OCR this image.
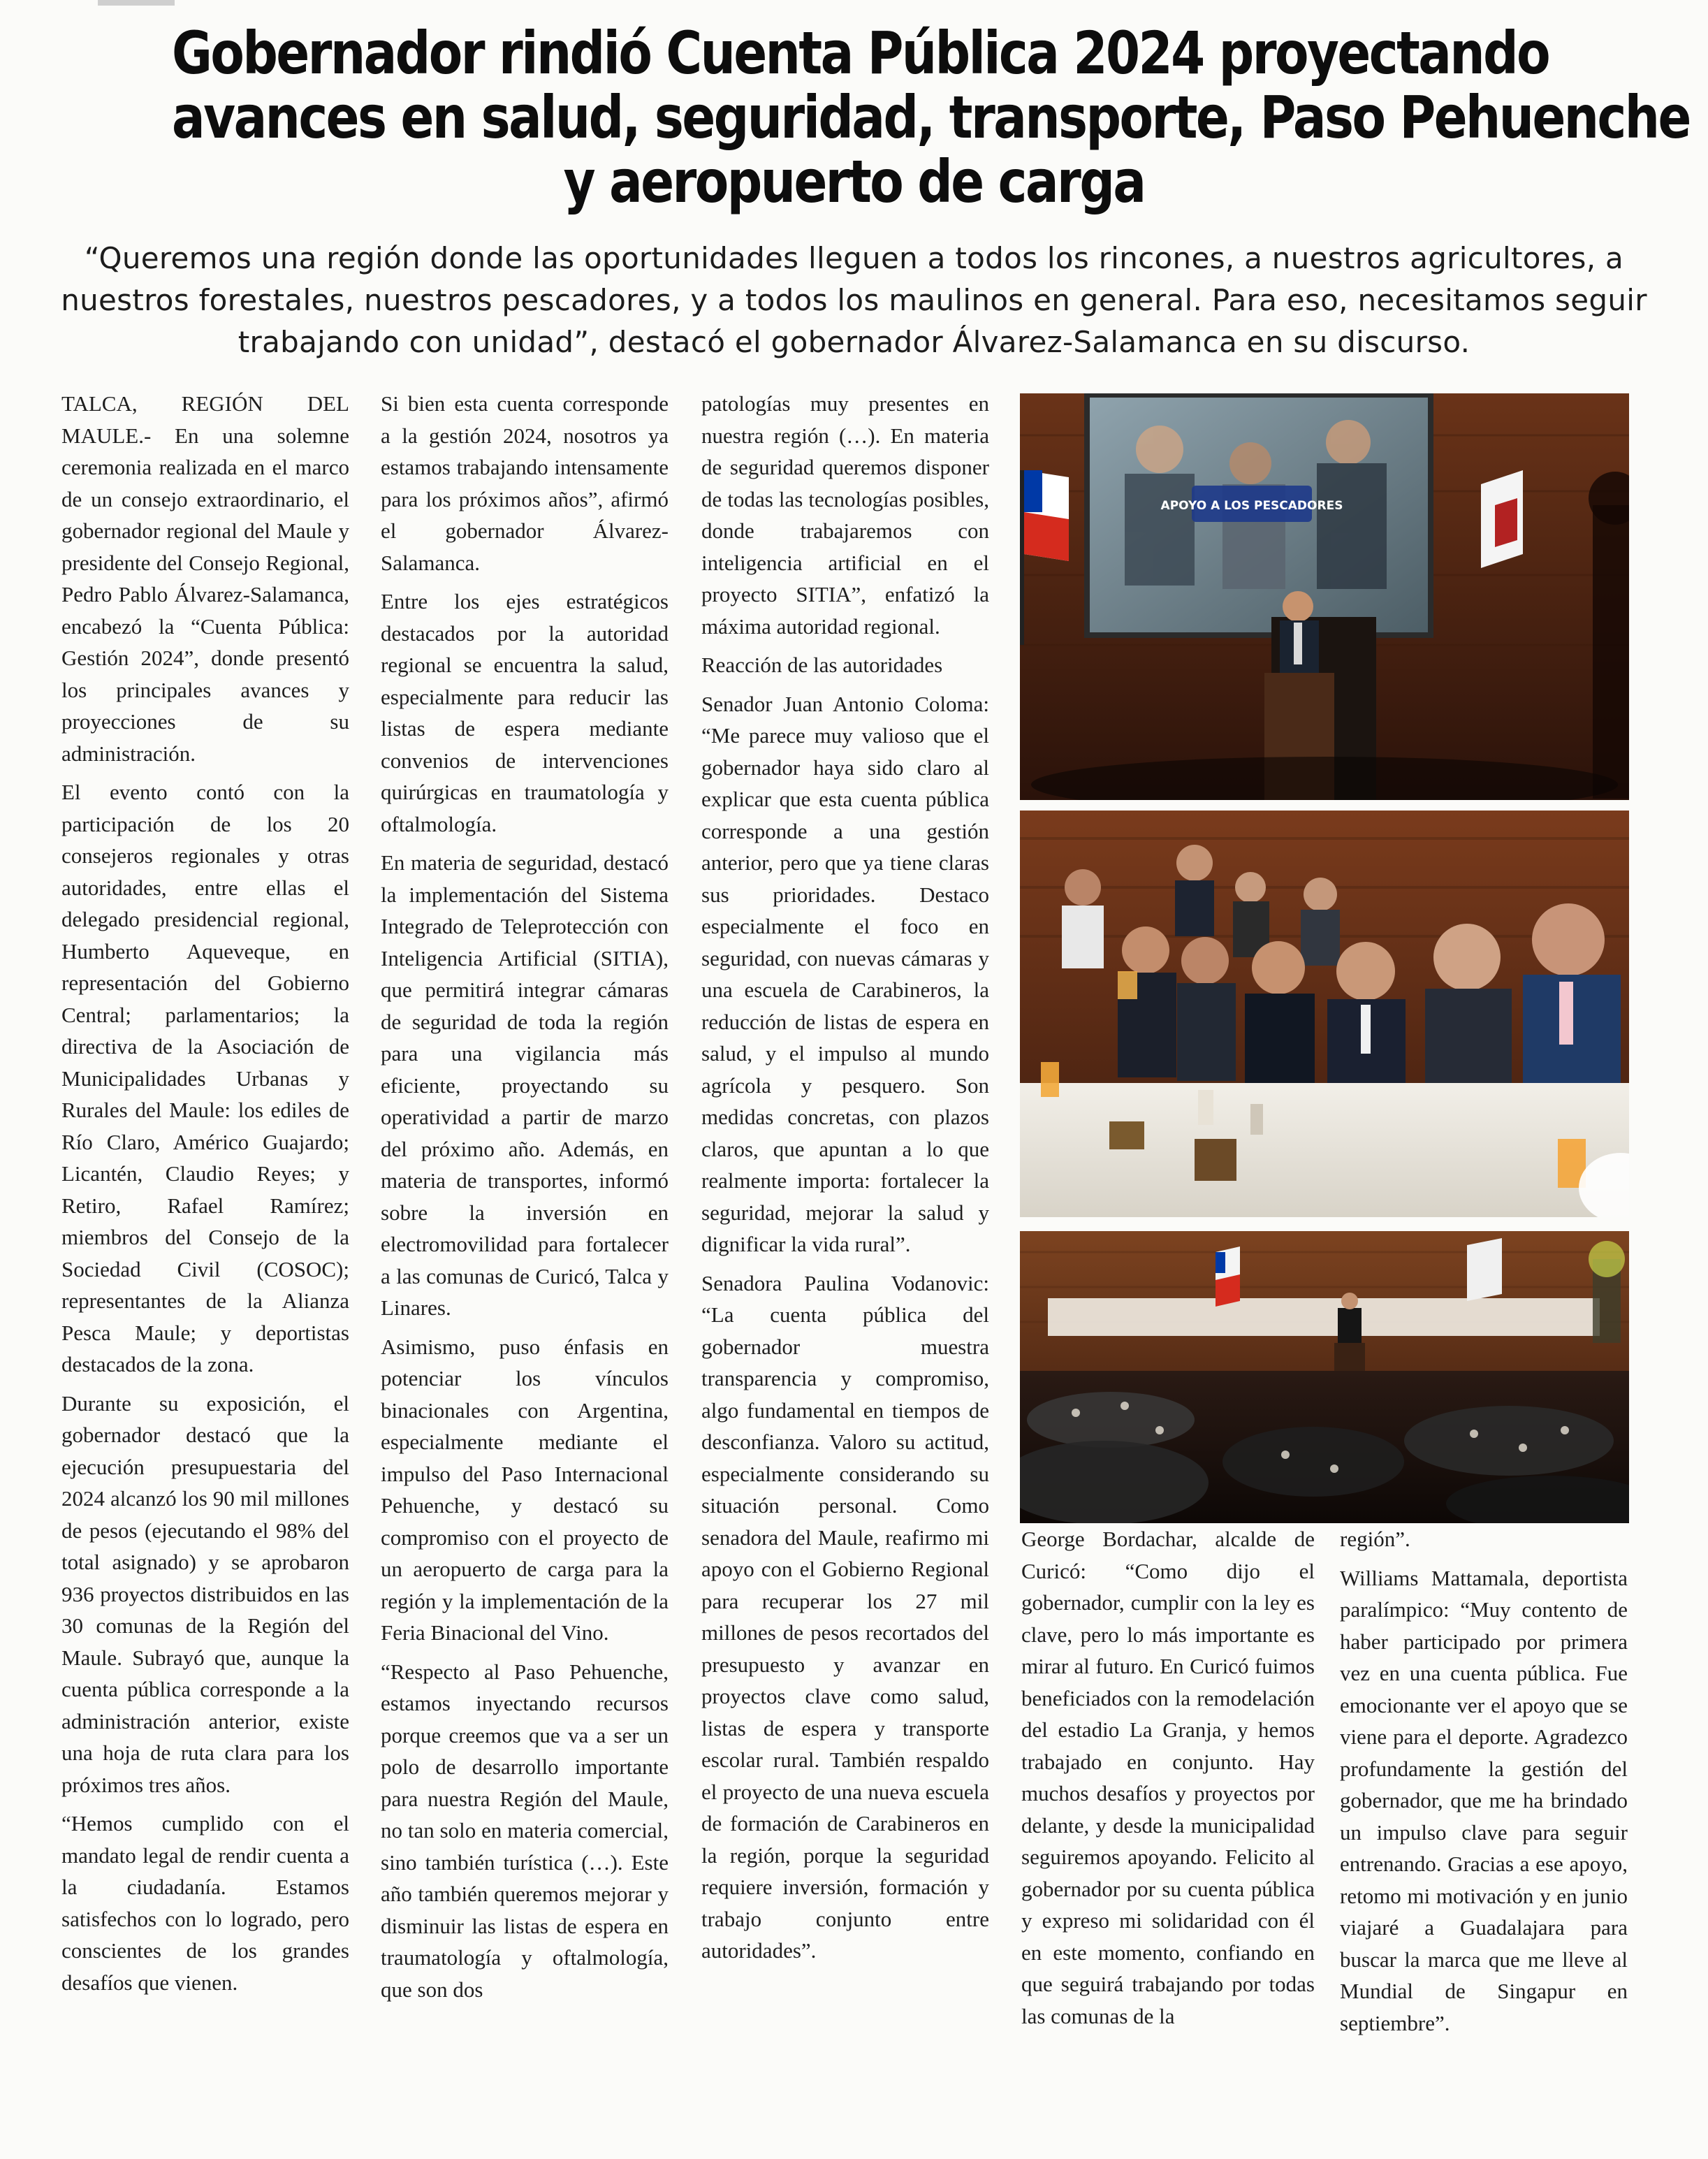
Gobernador rindió Cuenta Pública 2024 proyectando
avances en salud, seguridad, transporte, Paso Pehuenche
y aeropuerto de carga
“Queremos una región donde las oportunidades lleguen a todos los rincones, a nuestros agricultores, a
nuestros forestales, nuestros pescadores, y a todos los maulinos en general. Para eso, necesitamos seguir
trabajando con unidad”, destacó el gobernador Álvarez-Salamanca en su discurso.

TALCA, REGIÓN DEL MAULE.- En una solemne ceremonia realizada en el marco de un consejo extraordinario, el gobernador regional del Maule y presidente del Consejo Regional, Pedro Pablo Álvarez-Salamanca, encabezó la “Cuenta Pública: Gestión 2024”, donde presentó los principales avances y proyecciones de su administración.

El evento contó con la participación de los 20 consejeros regionales y otras autoridades, entre ellas el delegado presidencial regional, Humberto Aqueveque, en representación del Gobierno Central; parlamentarios; la directiva de la Asociación de Municipalidades Urbanas y Rurales del Maule: los ediles de Río Claro, Américo Guajardo; Licantén, Claudio Reyes; y Retiro, Rafael Ramírez; miembros del Consejo de la Sociedad Civil (COSOC); representantes de la Alianza Pesca Maule; y deportistas destacados de la zona.

Durante su exposición, el gobernador destacó que la ejecución presupuestaria del 2024 alcanzó los 90 mil millones de pesos (ejecutando el 98% del total asignado) y se aprobaron 936 proyectos distribuidos en las 30 comunas de la Región del Maule. Subrayó que, aunque la cuenta pública corresponde a la administración anterior, existe una hoja de ruta clara para los próximos tres años.

“Hemos cumplido con el mandato legal de rendir cuenta a la ciudadanía. Estamos satisfechos con lo logrado, pero conscientes de los grandes desafíos que vienen.

Si bien esta cuenta corresponde a la gestión 2024, nosotros ya estamos trabajando intensamente para los próximos años”, afirmó el gobernador Álvarez-Salamanca.

Entre los ejes estratégicos destacados por la autoridad regional se encuentra la salud, especialmente para reducir las listas de espera mediante convenios de intervenciones quirúrgicas en traumatología y oftalmología.

En materia de seguridad, destacó la implementación del Sistema Integrado de Teleprotección con Inteligencia Artificial (SITIA), que permitirá integrar cámaras de seguridad de toda la región para una vigilancia más eficiente, proyectando su operatividad a partir de marzo del próximo año. Además, en materia de transportes, informó sobre la inversión en electromovilidad para fortalecer a las comunas de Curicó, Talca y Linares.

Asimismo, puso énfasis en potenciar los vínculos binacionales con Argentina, especialmente mediante el impulso del Paso Internacional Pehuenche, y destacó su compromiso con el proyecto de un aeropuerto de carga para la región y la implementación de la Feria Binacional del Vino.

“Respecto al Paso Pehuenche, estamos inyectando recursos porque creemos que va a ser un polo de desarrollo importante para nuestra Región del Maule, no tan solo en materia comercial, sino también turística (…). Este año también queremos mejorar y disminuir las listas de espera en traumatología y oftalmología, que son dos

patologías muy presentes en nuestra región (…). En materia de seguridad queremos disponer de todas las tecnologías posibles, donde trabajaremos con inteligencia artificial en el proyecto SITIA”, enfatizó la máxima autoridad regional.

Reacción de las autoridades

Senador Juan Antonio Coloma: “Me parece muy valioso que el gobernador haya sido claro al explicar que esta cuenta pública corresponde a una gestión anterior, pero que ya tiene claras sus prioridades. Destaco especialmente el foco en seguridad, con nuevas cámaras y una escuela de Carabineros, la reducción de listas de espera en salud, y el impulso al mundo agrícola y pesquero. Son medidas concretas, con plazos claros, que apuntan a lo que realmente importa: fortalecer la seguridad, mejorar la salud y dignificar la vida rural”.

Senadora Paulina Vodanovic: “La cuenta pública del gobernador muestra transparencia y compromiso, algo fundamental en tiempos de desconfianza. Valoro su actitud, especialmente considerando su situación personal. Como senadora del Maule, reafirmo mi apoyo con el Gobierno Regional para recuperar los 27 mil millones de pesos recortados del presupuesto y avanzar en proyectos clave como salud, listas de espera y transporte escolar rural. También respaldo el proyecto de una nueva escuela de formación de Carabineros en la región, porque la seguridad requiere inversión, formación y trabajo conjunto entre autoridades”.

APOYO A LOS PESCADORES

George Bordachar, alcalde de Curicó: “Como dijo el gobernador, cumplir con la ley es clave, pero lo más importante es mirar al futuro. En Curicó fuimos beneficiados con la remodelación del estadio La Granja, y hemos trabajado en conjunto. Hay muchos desafíos y proyectos por delante, y desde la municipalidad seguiremos apoyando. Felicito al gobernador por su cuenta pública y expreso mi solidaridad con él en este momento, confiando en que seguirá trabajando por todas las comunas de la

región”.

Williams Mattamala, deportista paralímpico: “Muy contento de haber participado por primera vez en una cuenta pública. Fue emocionante ver el apoyo que se viene para el deporte. Agradezco profundamente la gestión del gobernador, que me ha brindado un impulso clave para seguir entrenando. Gracias a ese apoyo, retomo mi motivación y en junio viajaré a Guadalajara para buscar la marca que me lleve al Mundial de Singapur en septiembre”.
